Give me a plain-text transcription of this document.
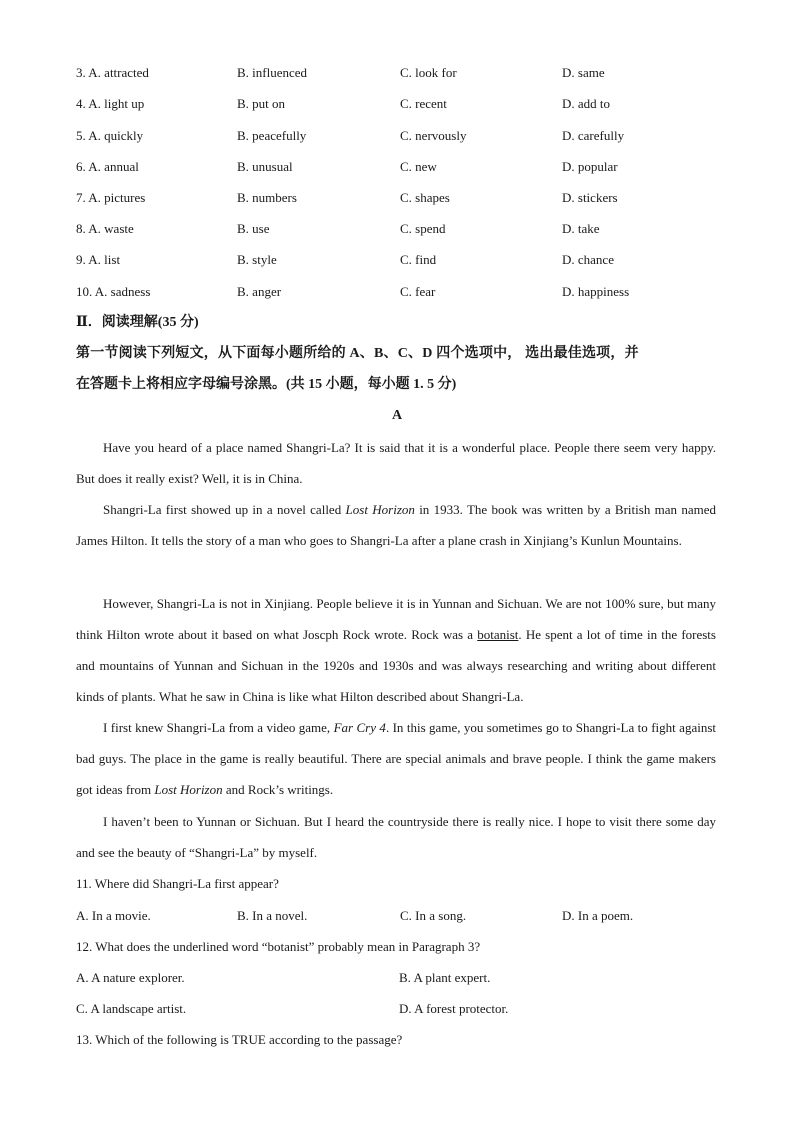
3. A. attracted	B. influenced	C. look for	D. same
4. A. light up	B. put on	C. recent	D. add to
5. A. quickly	B. peacefully	C. nervously	D. carefully
6. A. annual	B. unusual	C. new	D. popular
7. A. pictures	B. numbers	C. shapes	D. stickers
8. A. waste	B. use	C. spend	D. take
9. A. list	B. style	C. find	D. chance
10. A. sadness	B. anger	C. fear	D. happiness
Ⅱ．阅读理解(35 分)
第一节阅读下列短文，从下面每小题所给的 A、B、C、D 四个选项中， 选出最佳选项，并
在答题卡上将相应字母编号涂黑。(共 15 小题，每小题 1. 5 分)
A
Have you heard of a place named Shangri-La? It is said that it is a wonderful place. People there seem very happy. But does it really exist? Well, it is in China.
Shangri-La first showed up in a novel called Lost Horizon in 1933. The book was written by a British man named James Hilton. It tells the story of a man who goes to Shangri-La after a plane crash in Xinjiang’s Kunlun Mountains.
However, Shangri-La is not in Xinjiang. People believe it is in Yunnan and Sichuan. We are not 100% sure, but many think Hilton wrote about it based on what Joscph Rock wrote. Rock was a botanist. He spent a lot of time in the forests and mountains of Yunnan and Sichuan in the 1920s and 1930s and was always researching and writing about different kinds of plants. What he saw in China is like what Hilton described about Shangri-La.
I first knew Shangri-La from a video game, Far Cry 4. In this game, you sometimes go to Shangri-La to fight against bad guys. The place in the game is really beautiful. There are special animals and brave people. I think the game makers got ideas from Lost Horizon and Rock’s writings.
I haven’t been to Yunnan or Sichuan. But I heard the countryside there is really nice. I hope to visit there some day and see the beauty of “Shangri-La” by myself.
11. Where did Shangri-La first appear?
A. In a movie.	B. In a novel.	C. In a song.	D. In a poem.
12. What does the underlined word “botanist” probably mean in Paragraph 3?
A. A nature explorer.	B. A plant expert.
C. A landscape artist.	D. A forest protector.
13. Which of the following is TRUE according to the passage?
